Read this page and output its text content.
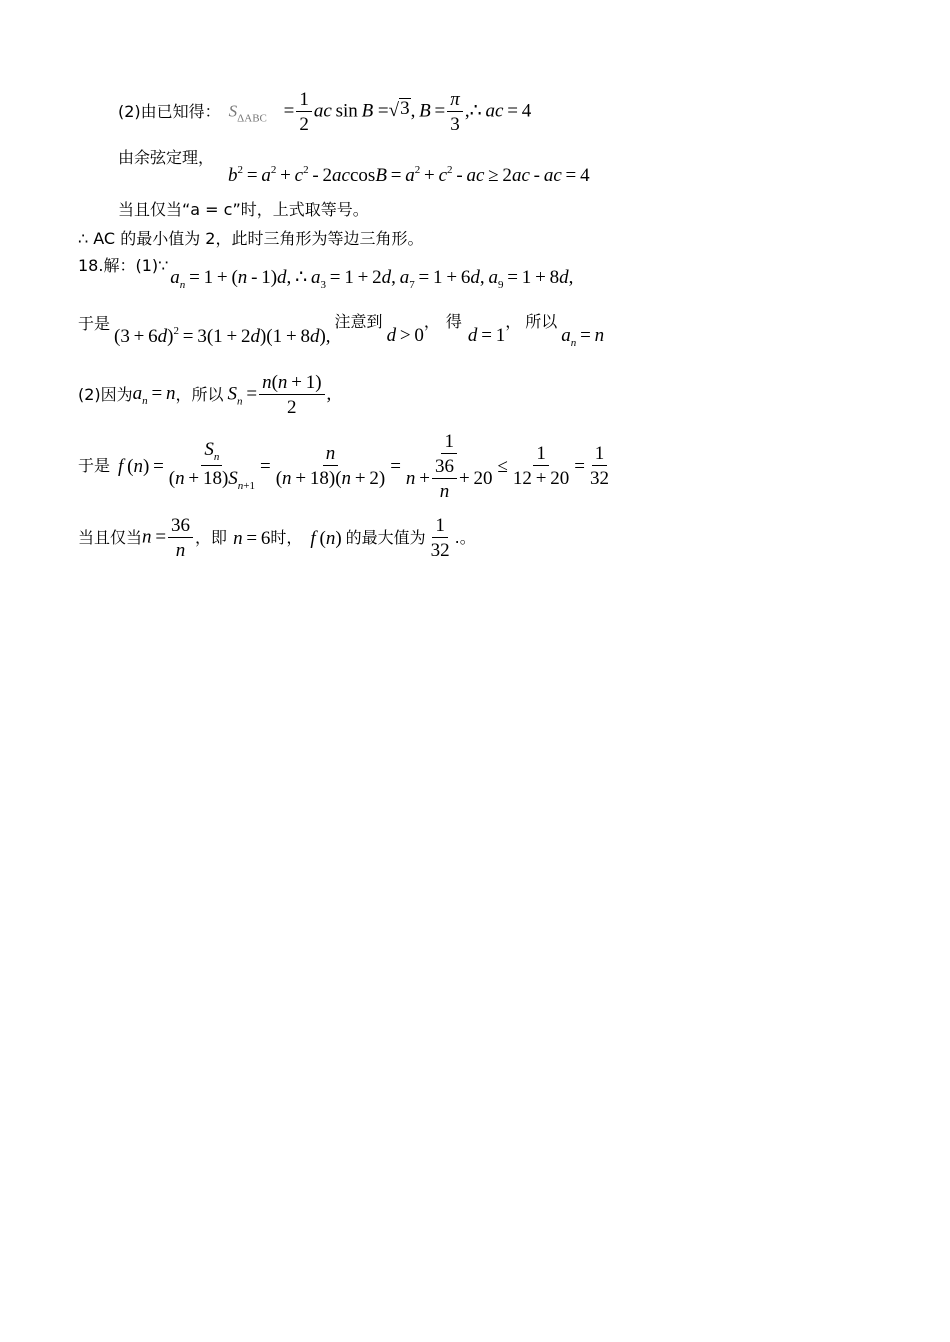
(2)由已知得： $S_{\Delta ABC} = \frac{1}{2}$ ac sin B = √ 3 , $B = \frac{\pi}{3}$ ,∴ ac = 4
由余弦定理，
$b^2 = a^2 + c^2 - 2accosB = a^2 + c^2$ - ac ≥ 2ac - ac = 4
当且仅当“a = c”时，上式取等号。
∴ AC 的最小值为 2，此时三角形为等边三角形。
18.解：(1)∵
$a_n = 1 + (n - 1)d$, ∴ $a_3 = 1 + 2d$, $a_7 = 1 + 6d$, $a_9 = 1 + 8d$,
于是
$(3 + 6d)^2 = 3(1 + 2d)(1 + 8d)$,
注意到
d > 0
， 得
d = 1
， 所以
$a_n = n$
(2)因为 $a_n = n$ ， 所以 $S_n = \frac{n(n + 1)}{2}$ ,
于是 f  ( n ) = $\frac{S_n}{(n + 18)S_{n+1}} = \frac{n}{(n + 18)(n + 2)} = \frac{1}{n + \frac{36}{n} + 20} \le \frac{1}{12 + 20} = \frac{1}{32}$
当且仅当 $n = \frac{36}{n}$ ，即 n = 6 时， f (n) 的最大值为 $\frac{1}{32}$ .。
